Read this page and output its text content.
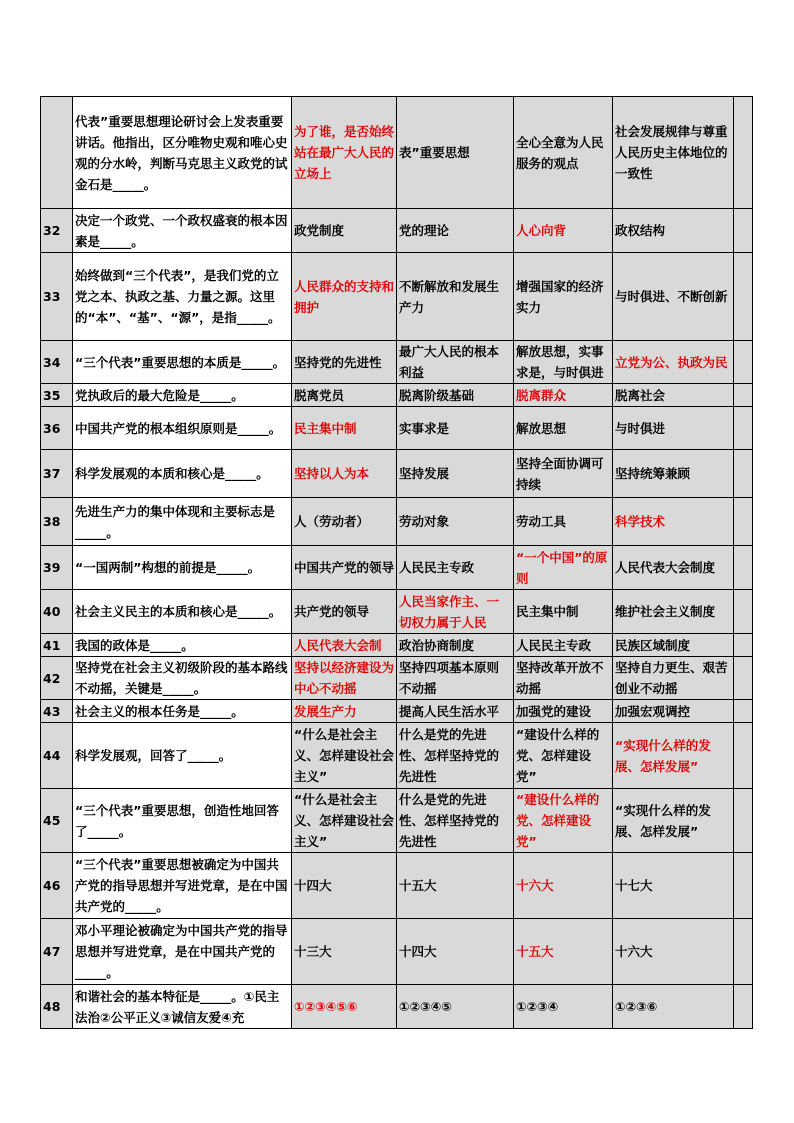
	代表”重要思想理论研讨会上发表重要讲话。他指出，区分唯物史观和唯心史观的分水岭，判断马克思主义政党的试金石是_____。	为了谁，是否始终站在最广大人民的立场上	表”重要思想	全心全意为人民服务的观点	社会发展规律与尊重人民历史主体地位的一致性	
32	决定一个政党、一个政权盛衰的根本因素是_____。	政党制度	党的理论	人心向背	政权结构	
33	始终做到“三个代表”，是我们党的立党之本、执政之基、力量之源。这里的“本”、“基”、“源”，是指_____。	人民群众的支持和拥护	不断解放和发展生产力	增强国家的经济实力	与时俱进、不断创新	
34	“三个代表”重要思想的本质是_____。	坚持党的先进性	最广大人民的根本利益	解放思想，实事求是，与时俱进	立党为公、执政为民	
35	党执政后的最大危险是_____。	脱离党员	脱离阶级基础	脱离群众	脱离社会	
36	中国共产党的根本组织原则是_____。	民主集中制	实事求是	解放思想	与时俱进	
37	科学发展观的本质和核心是_____。	坚持以人为本	坚持发展	坚持全面协调可持续	坚持统筹兼顾	
38	先进生产力的集中体现和主要标志是_____。	人（劳动者）	劳动对象	劳动工具	科学技术	
39	“一国两制”构想的前提是_____。	中国共产党的领导	人民民主专政	“一个中国”的原则	人民代表大会制度	
40	社会主义民主的本质和核心是_____。	共产党的领导	人民当家作主、一切权力属于人民	民主集中制	维护社会主义制度	
41	我国的政体是_____。	人民代表大会制	政治协商制度	人民民主专政	民族区域制度	
42	坚持党在社会主义初级阶段的基本路线不动摇，关键是_____。	坚持以经济建设为中心不动摇	坚持四项基本原则不动摇	坚持改革开放不动摇	坚持自力更生、艰苦创业不动摇	
43	社会主义的根本任务是_____。	发展生产力	提高人民生活水平	加强党的建设	加强宏观调控	
44	科学发展观，回答了_____。	“什么是社会主义、怎样建设社会主义”	什么是党的先进性、怎样坚持党的先进性	“建设什么样的党、怎样建设党”	“实现什么样的发展、怎样发展”	
45	“三个代表”重要思想，创造性地回答了_____。	“什么是社会主义、怎样建设社会主义”	什么是党的先进性、怎样坚持党的先进性	“建设什么样的党、怎样建设党”	“实现什么样的发展、怎样发展”	
46	“三个代表”重要思想被确定为中国共产党的指导思想并写进党章，是在中国共产党的_____。	十四大	十五大	十六大	十七大	
47	邓小平理论被确定为中国共产党的指导思想并写进党章，是在中国共产党的_____。	十三大	十四大	十五大	十六大	
48	和谐社会的基本特征是_____。①民主法治②公平正义③诚信友爱④充	①②③④⑤⑥	①②③④⑤	①②③④	①②③⑥	
